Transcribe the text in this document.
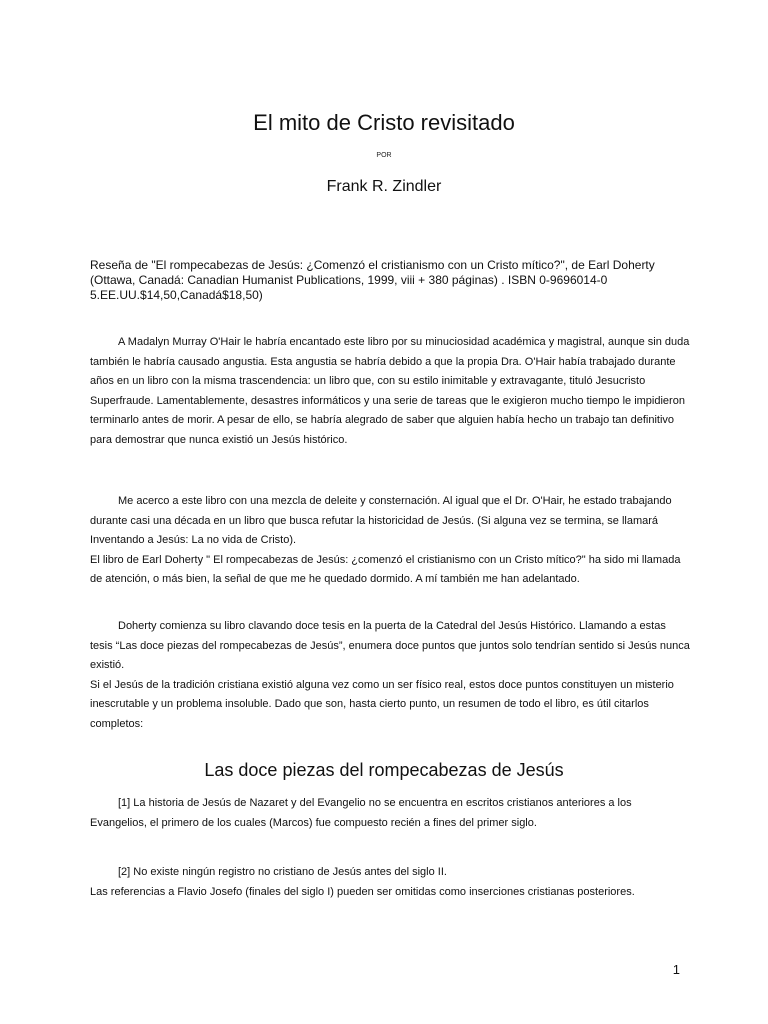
El mito de Cristo revisitado
POR
Frank R. Zindler
Reseña de "El rompecabezas de Jesús: ¿Comenzó el cristianismo con un Cristo mítico?", de Earl Doherty
(Ottawa, Canadá: Canadian Humanist Publications, 1999, viii + 380 páginas) . ISBN 0-9696014-0
5.EE.UU.$14,50,Canadá$18,50)

A Madalyn Murray O'Hair le habría encantado este libro por su minuciosidad académica y magistral, aunque sin duda también le habría causado angustia. Esta angustia se habría debido a que la propia Dra. O'Hair había trabajado durante años en un libro con la misma trascendencia: un libro que, con su estilo inimitable y extravagante, tituló Jesucristo Superfraude. Lamentablemente, desastres informáticos y una serie de tareas que le exigieron mucho tiempo le impidieron terminarlo antes de morir. A pesar de ello, se habría alegrado de saber que alguien había hecho un trabajo tan definitivo para demostrar que nunca existió un Jesús histórico.

Me acerco a este libro con una mezcla de deleite y consternación. Al igual que el Dr. O'Hair, he estado trabajando durante casi una década en un libro que busca refutar la historicidad de Jesús. (Si alguna vez se termina, se llamará Inventando a Jesús: La no vida de Cristo).

El libro de Earl Doherty " El rompecabezas de Jesús: ¿comenzó el cristianismo con un Cristo mítico?" ha sido mi llamada de atención, o más bien, la señal de que me he quedado dormido. A mí también me han adelantado.

Doherty comienza su libro clavando doce tesis en la puerta de la Catedral del Jesús Histórico. Llamando a estas tesis “Las doce piezas del rompecabezas de Jesús”, enumera doce puntos que juntos solo tendrían sentido si Jesús nunca existió.

Si el Jesús de la tradición cristiana existió alguna vez como un ser físico real, estos doce puntos constituyen un misterio inescrutable y un problema insoluble. Dado que son, hasta cierto punto, un resumen de todo el libro, es útil citarlos completos:

Las doce piezas del rompecabezas de Jesús

[1] La historia de Jesús de Nazaret y del Evangelio no se encuentra en escritos cristianos anteriores a los Evangelios, el primero de los cuales (Marcos) fue compuesto recién a fines del primer siglo.

[2] No existe ningún registro no cristiano de Jesús antes del siglo II.

Las referencias a Flavio Josefo (finales del siglo I) pueden ser omitidas como inserciones cristianas posteriores.

1
